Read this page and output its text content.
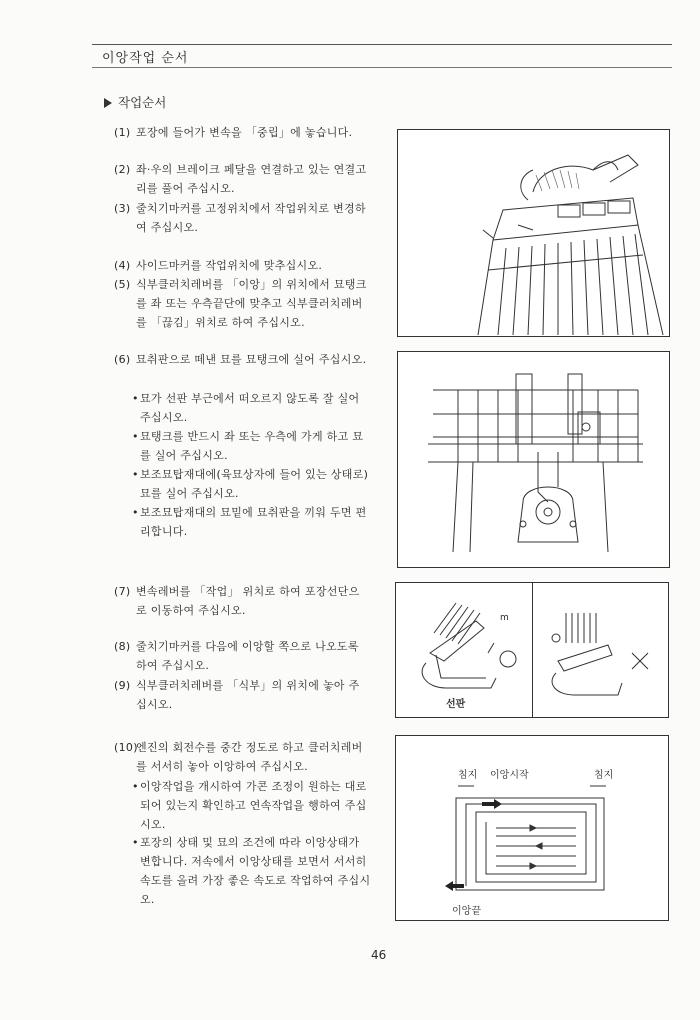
이앙작업 순서
작업순서
(1) 포장에 들어가 변속을 「중립」에 놓습니다.
(2) 좌·우의 브레이크 페달을 연결하고 있는 연결고리를 풀어 주십시오.
(3) 줄치기마커를 고정위치에서 작업위치로 변경하여 주십시오.
(4) 사이드마커를 작업위치에 맞추십시오.
(5) 식부클러치레버를 「이앙」의 위치에서 묘탱크를 좌 또는 우측끝단에 맞추고 식부클러치레버를 「끊김」위치로 하여 주십시오.
(6) 묘취판으로 떼낸 묘를 묘탱크에 실어 주십시오.
• 묘가 선판 부근에서 떠오르지 않도록 잘 실어 주십시오.
• 묘탱크를 반드시 좌 또는 우측에 가게 하고 묘를 실어 주십시오.
• 보조묘탑재대에(육묘상자에 들어 있는 상태로) 묘를 실어 주십시오.
• 보조묘탑재대의 묘밑에 묘취판을 끼워 두면 편리합니다.
(7) 변속레버를 「작업」 위치로 하여 포장선단으로 이동하여 주십시오.
(8) 줄치기마커를 다음에 이앙할 쪽으로 나오도록 하여 주십시오.
(9) 식부클러치레버를 「식부」의 위치에 놓아 주십시오.
(10)
엔진의 회전수를 중간 정도로 하고 클러치레버를 서서히 놓아 이앙하여 주십시오.
• 이앙작업을 개시하여 가콘 조정이 원하는 대로 되어 있는지 확인하고 연속작업을 행하여 주십시오.
• 포장의 상태 및 묘의 조건에 따라 이앙상태가 변합니다. 저속에서 이앙상태를 보면서 서서히 속도를 올려 가장 좋은 속도로 작업하여 주십시오.
m
선판
침지 이앙시작	침지
이앙끝
46
